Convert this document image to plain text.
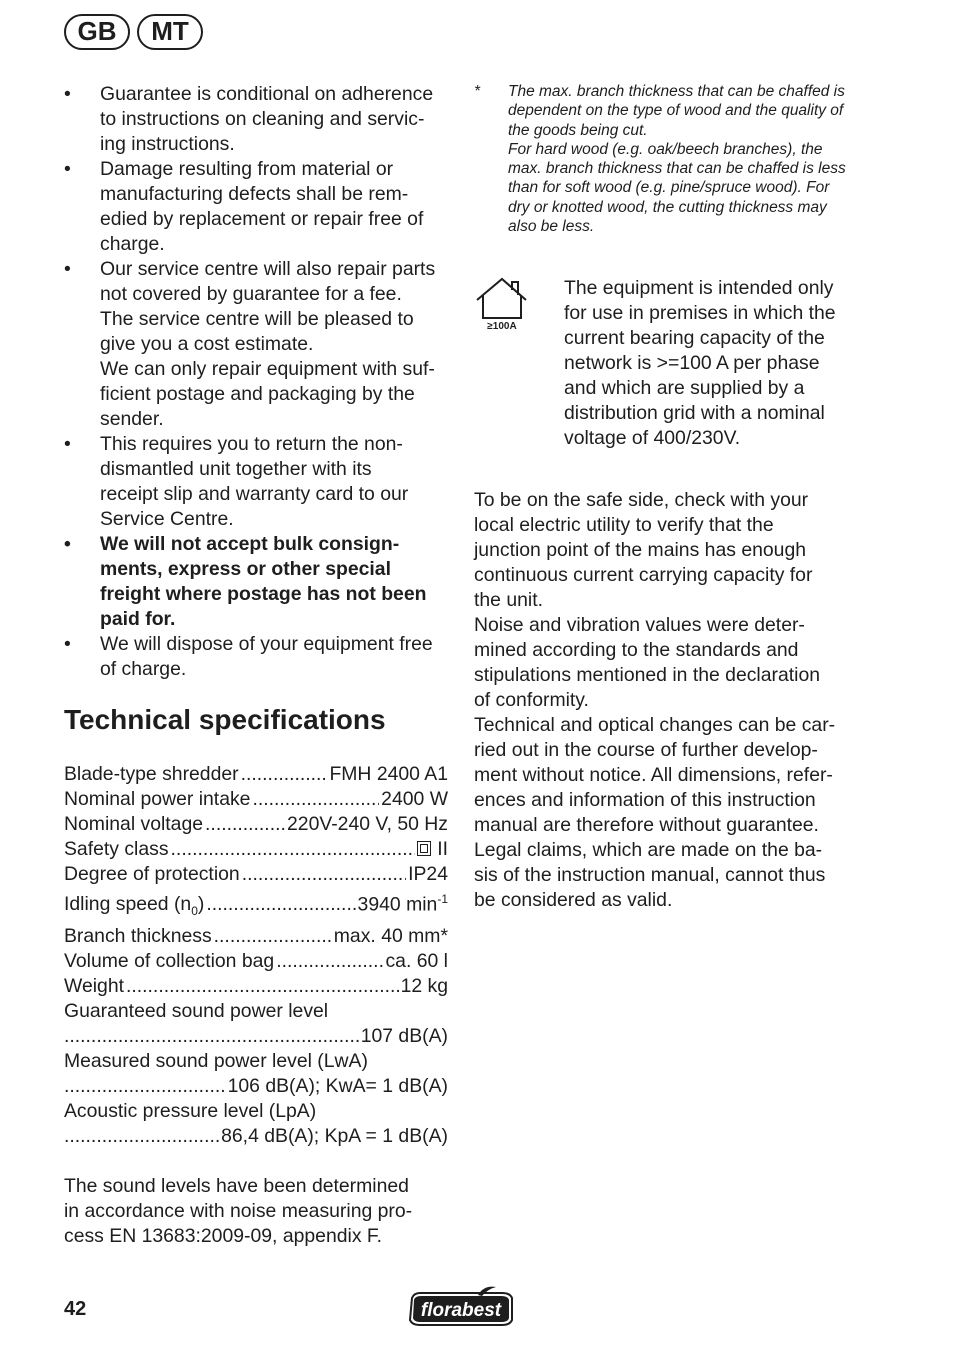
GB	MT
• Guarantee is conditional on adherence
to instructions on cleaning and servic-
ing instructions.
• Damage resulting from material or
manufacturing defects shall be rem-
edied by replacement or repair free of
charge.
• Our service centre will also repair parts
not covered by guarantee for a fee.
The service centre will be pleased to
give you a cost estimate.
We can only repair equipment with suf-
ficient postage and packaging by the
sender.
• This requires you to return the non-
dismantled unit together with its
receipt slip and warranty card to our
Service Centre.
• We will not accept bulk consign-
ments, express or other special
freight where postage has not been
paid for.
• We will dispose of your equipment free
of charge.
Technical specifications
Blade-type shredder .....	FMH 2400 A1
Nominal power intake .....	2400 W
Nominal voltage .....	220V-240 V, 50 Hz
Safety class .....	II
Degree of protection .....	IP24
Idling speed $(n_0)$ .....	3940 $\min^{-1}$
Branch thickness .....	max. 40 mm*
Volume of collection bag .....	ca. 60 l
Weight .....	12 kg
Guaranteed sound power level
.....
107 dB(A)
Measured sound power level (LwA)
.....
106 dB(A); KwA= 1 dB(A)
Acoustic pressure level (LpA)
.....
86,4 dB(A); KpA = 1 dB(A)
The sound levels have been determined
in accordance with noise measuring pro-
cess EN 13683:2009-09, appendix F.
* The max. branch thickness that can be chaffed is
dependent on the type of wood and the quality of
the goods being cut.
For hard wood (e.g. oak/beech branches), the
max. branch thickness that can be chaffed is less
than for soft wood (e.g. pine/spruce wood). For
dry or knotted wood, the cutting thickness may
also be less.
≥100A
The equipment is intended only
for use in premises in which the
current bearing capacity of the
network is >=100 A per phase
and which are supplied by a
distribution grid with a nominal
voltage of 400/230V.
To be on the safe side, check with your
local electric utility to verify that the
junction point of the mains has enough
continuous current carrying capacity for
the unit.
Noise and vibration values were deter-
mined according to the standards and
stipulations mentioned in the declaration
of conformity.
Technical and optical changes can be car-
ried out in the course of further develop-
ment without notice. All dimensions, refer-
ences and information of this instruction
manual are therefore without guarantee.
Legal claims, which are made on the ba-
sis of the instruction manual, cannot thus
be considered as valid.
42	florabest
